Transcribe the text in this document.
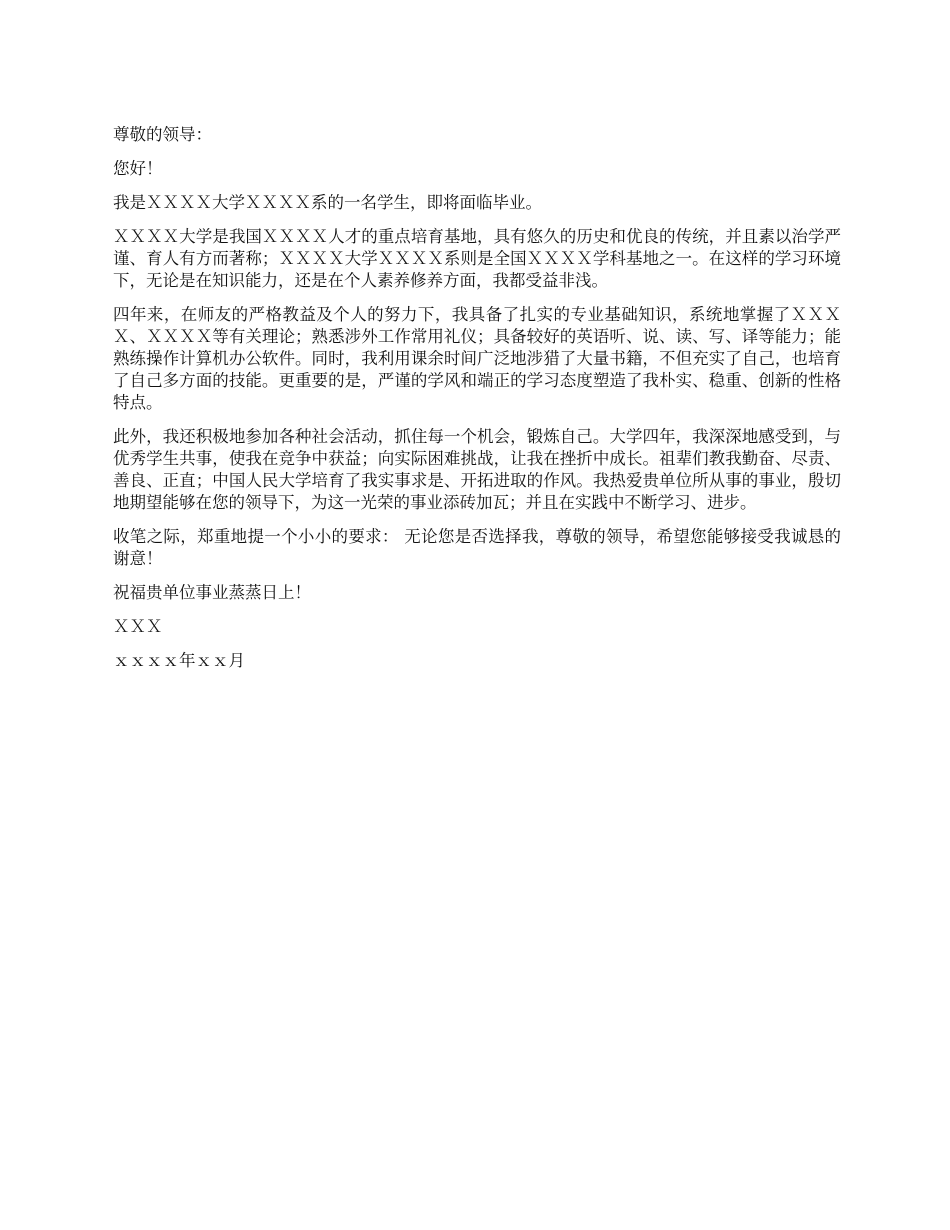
尊敬的领导：

您好！

我是ＸＸＸＸ大学ＸＸＸＸ系的一名学生，即将面临毕业。

ＸＸＸＸ大学是我国ＸＸＸＸ人才的重点培育基地，具有悠久的历史和优良的传统，并且素以治学严谨、育人有方而著称；ＸＸＸＸ大学ＸＸＸＸ系则是全国ＸＸＸＸ学科基地之一。在这样的学习环境下，无论是在知识能力，还是在个人素养修养方面，我都受益非浅。

四年来，在师友的严格教益及个人的努力下，我具备了扎实的专业基础知识，系统地掌握了ＸＸＸＸ、ＸＸＸＸ等有关理论；熟悉涉外工作常用礼仪；具备较好的英语听、说、读、写、译等能力；能熟练操作计算机办公软件。同时，我利用课余时间广泛地涉猎了大量书籍，不但充实了自己，也培育了自己多方面的技能。更重要的是，严谨的学风和端正的学习态度塑造了我朴实、稳重、创新的性格特点。

此外，我还积极地参加各种社会活动，抓住每一个机会，锻炼自己。大学四年，我深深地感受到，与优秀学生共事，使我在竞争中获益；向实际困难挑战，让我在挫折中成长。祖辈们教我勤奋、尽责、善良、正直；中国人民大学培育了我实事求是、开拓进取的作风。我热爱贵单位所从事的事业，殷切地期望能够在您的领导下，为这一光荣的事业添砖加瓦；并且在实践中不断学习、进步。

收笔之际，郑重地提一个小小的要求： 无论您是否选择我，尊敬的领导，希望您能够接受我诚恳的谢意！

祝福贵单位事业蒸蒸日上！

ＸＸＸ

ｘｘｘｘ年ｘｘ月
